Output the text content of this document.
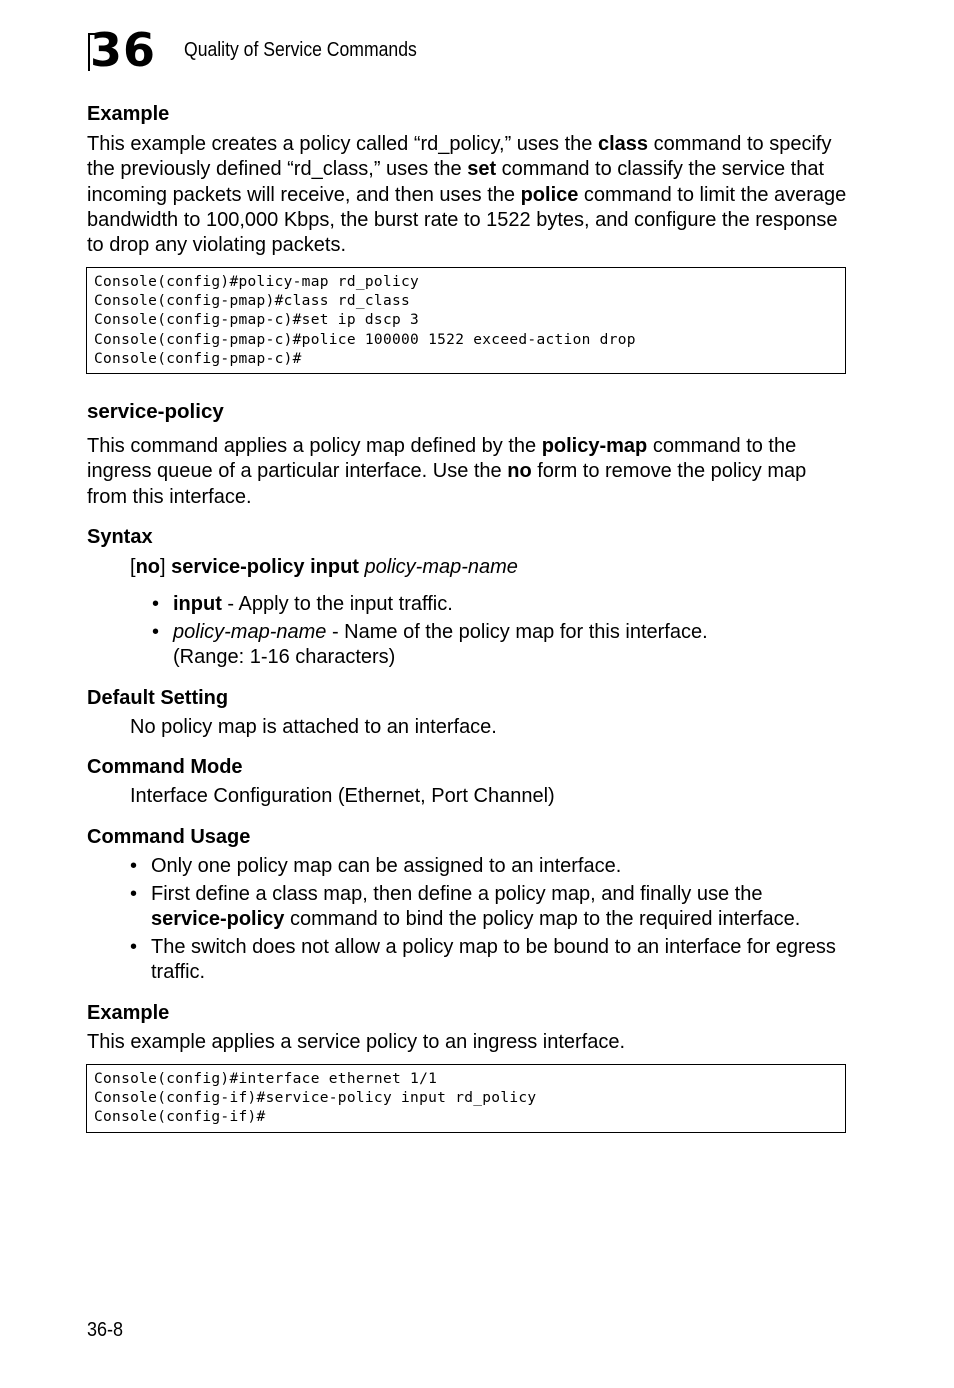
36 Quality of Service Commands
Example
This example creates a policy called “rd_policy,” uses the class command to specify the previously defined “rd_class,” uses the set command to classify the service that incoming packets will receive, and then uses the police command to limit the average bandwidth to 100,000 Kbps, the burst rate to 1522 bytes, and configure the response to drop any violating packets.
Console(config)#policy-map rd_policy
Console(config-pmap)#class rd_class
Console(config-pmap-c)#set ip dscp 3
Console(config-pmap-c)#police 100000 1522 exceed-action drop
Console(config-pmap-c)#
service-policy
This command applies a policy map defined by the policy-map command to the ingress queue of a particular interface. Use the no form to remove the policy map from this interface.
Syntax
[no] service-policy input policy-map-name
• input - Apply to the input traffic.
• policy-map-name - Name of the policy map for this interface.
(Range: 1-16 characters)
Default Setting
No policy map is attached to an interface.
Command Mode
Interface Configuration (Ethernet, Port Channel)
Command Usage
• Only one policy map can be assigned to an interface.
• First define a class map, then define a policy map, and finally use the
service-policy command to bind the policy map to the required interface.
• The switch does not allow a policy map to be bound to an interface for egress traffic.
Example
This example applies a service policy to an ingress interface.
Console(config)#interface ethernet 1/1
Console(config-if)#service-policy input rd_policy
Console(config-if)#
36-8
